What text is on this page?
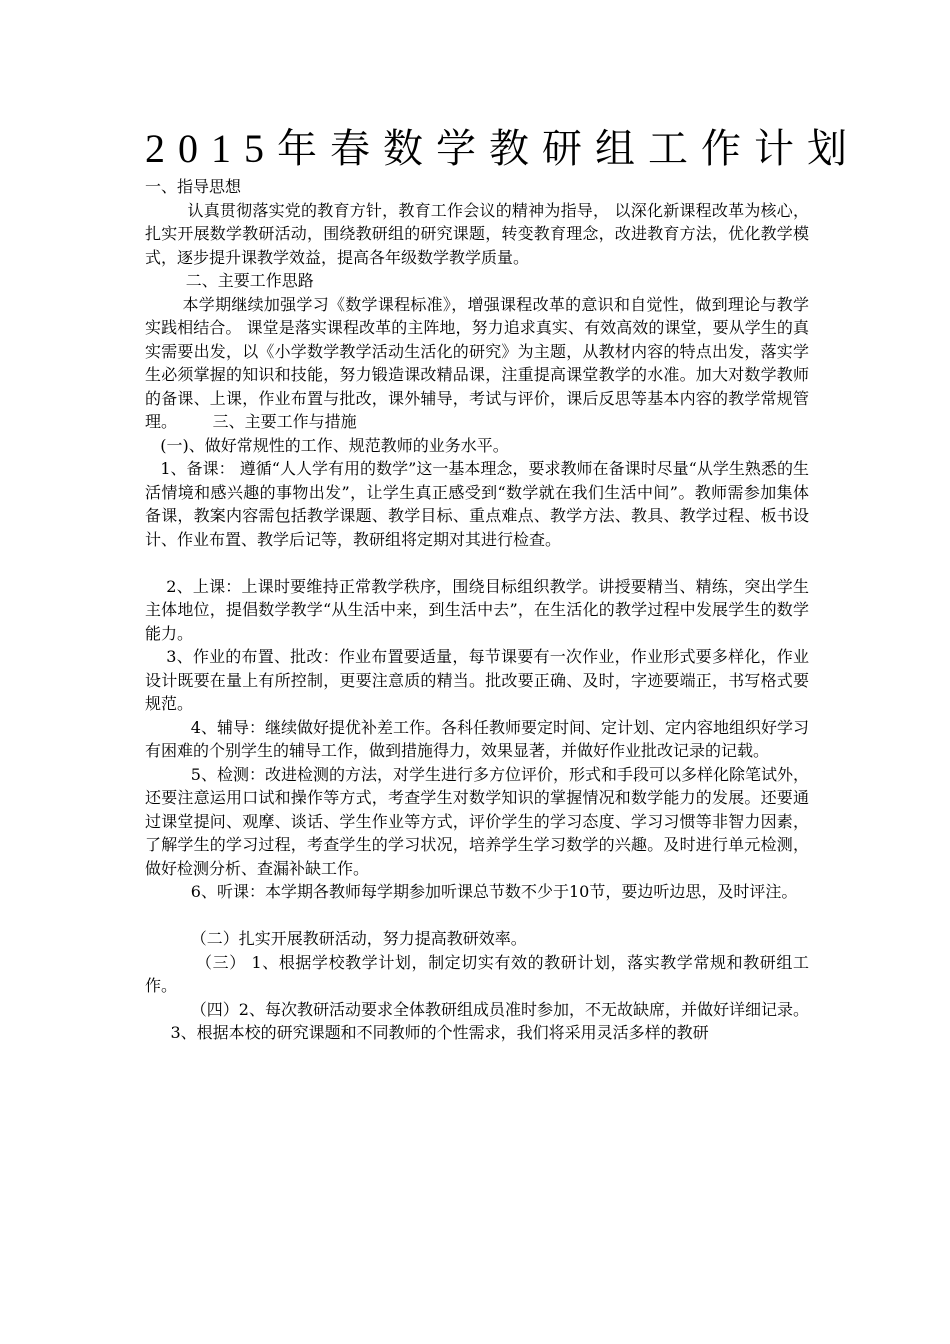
2015年春数学教研组工作计划

一、指导思想

认真贯彻落实党的教育方针，教育工作会议的精神为指导， 以深化新课程改革为核心，扎实开展数学教研活动，围绕教研组的研究课题，转变教育理念，改进教育方法，优化教学模式，逐步提升课教学效益，提高各年级数学教学质量。

二、主要工作思路

本学期继续加强学习《数学课程标准》，增强课程改革的意识和自觉性，做到理论与教学实践相结合。 课堂是落实课程改革的主阵地，努力追求真实、有效高效的课堂，要从学生的真实需要出发，以《小学数学教学活动生活化的研究》为主题，从教材内容的特点出发，落实学生必须掌握的知识和技能，努力锻造课改精品课，注重提高课堂教学的水准。加大对数学教师的备课、上课，作业布置与批改，课外辅导，考试与评价，课后反思等基本内容的教学常规管理。       三、主要工作与措施

(一)、做好常规性的工作、规范教师的业务水平。

1、备课： 遵循“人人学有用的数学”这一基本理念，要求教师在备课时尽量“从学生熟悉的生活情境和感兴趣的事物出发”，让学生真正感受到“数学就在我们生活中间”。教师需参加集体备课，教案内容需包括教学课题、教学目标、重点难点、教学方法、教具、教学过程、板书设计、作业布置、教学后记等，教研组将定期对其进行检查。

2、上课：上课时要维持正常教学秩序，围绕目标组织教学。讲授要精当、精练，突出学生主体地位，提倡数学教学“从生活中来，到生活中去”，在生活化的教学过程中发展学生的数学能力。

3、作业的布置、批改：作业布置要适量，每节课要有一次作业，作业形式要多样化，作业设计既要在量上有所控制，更要注意质的精当。批改要正确、及时，字迹要端正，书写格式要规范。

4、辅导：继续做好提优补差工作。各科任教师要定时间、定计划、定内容地组织好学习有困难的个别学生的辅导工作，做到措施得力，效果显著，并做好作业批改记录的记载。

5、检测：改进检测的方法，对学生进行多方位评价，形式和手段可以多样化除笔试外，还要注意运用口试和操作等方式，考查学生对数学知识的掌握情况和数学能力的发展。还要通过课堂提问、观摩、谈话、学生作业等方式，评价学生的学习态度、学习习惯等非智力因素，了解学生的学习过程，考查学生的学习状况，培养学生学习数学的兴趣。及时进行单元检测，做好检测分析、查漏补缺工作。

6、听课：本学期各教师每学期参加听课总节数不少于10节，要边听边思，及时评注。

（二）扎实开展教研活动，努力提高教研效率。

（三） 1、根据学校教学计划，制定切实有效的教研计划，落实教学常规和教研组工作。

（四）2、每次教研活动要求全体教研组成员准时参加，不无故缺席，并做好详细记录。

3、根据本校的研究课题和不同教师的个性需求，我们将采用灵活多样的教研
